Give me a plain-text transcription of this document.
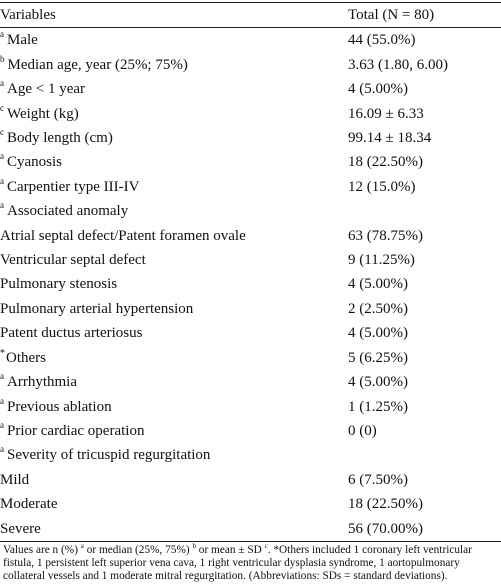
Variables	Total (N = 80)
$^a$ Male	44 (55.0%)
$^b$ Median age, year (25%; 75%)	3.63 (1.80, 6.00)
$^a$ Age < 1 year	4 (5.00%)
$^c$ Weight (kg)	16.09 ± 6.33
$^c$ Body length (cm)	99.14 ± 18.34
$^a$ Cyanosis	18 (22.50%)
$^a$ Carpentier type III-IV	12 (15.0%)
$^a$ Associated anomaly	
Atrial septal defect/Patent foramen ovale	63 (78.75%)
Ventricular septal defect	9 (11.25%)
Pulmonary stenosis	4 (5.00%)
Pulmonary arterial hypertension	2 (2.50%)
Patent ductus arteriosus	4 (5.00%)
*Others	5 (6.25%)
$^a$ Arrhythmia	4 (5.00%)
$^a$ Previous ablation	1 (1.25%)
$^a$ Prior cardiac operation	0 (0)
$^a$ Severity of tricuspid regurgitation	
Mild	6 (7.50%)
Moderate	18 (22.50%)
Severe	56 (70.00%)
Values are n (%) $^a$ or median (25%, 75%) $^b$ or mean ± SD $^c$. *Others included 1 coronary left ventricular
fistula, 1 persistent left superior vena cava, 1 right ventricular dysplasia syndrome, 1 aortopulmonary
collateral vessels and 1 moderate mitral regurgitation. (Abbreviations: SDs = standard deviations).
